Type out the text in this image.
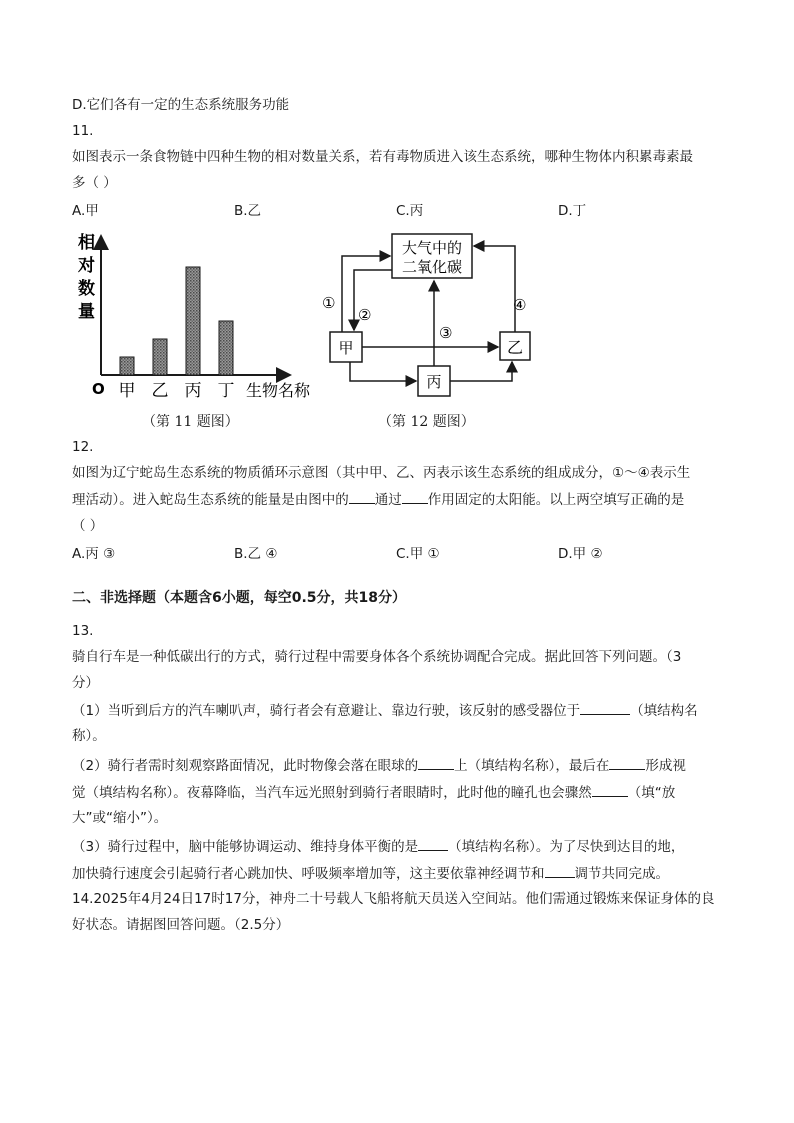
D.它们各有一定的生态系统服务功能
11.
如图表示一条食物链中四种生物的相对数量关系，若有毒物质进入该生态系统，哪种生物体内积累毒素最
多（ ）
A.甲	B.乙	C.丙	D.丁
甲 乙 丙 丁
相
对
数
量
O	生物名称
（第 11 题图）
大气中的
二氧化碳
甲	乙
丙
①
②
③
④
（第 12 题图）
12.
如图为辽宁蛇岛生态系统的物质循环示意图（其中甲、乙、丙表示该生态系统的组成成分，①～④表示生
理活动）。进入蛇岛生态系统的能量是由图中的 通过 作用固定的太阳能。以上两空填写正确的是
（ ）
A.丙 ③	B.乙 ④	C.甲 ①	D.甲 ②
二、非选择题（本题含6小题，每空0.5分，共18分）
13.
骑自行车是一种低碳出行的方式，骑行过程中需要身体各个系统协调配合完成。据此回答下列问题。（3
分）
（1）当听到后方的汽车喇叭声，骑行者会有意避让、靠边行驶，该反射的感受器位于	（填结构名
称）。
（2）骑行者需时刻观察路面情况，此时物像会落在眼球的	上（填结构名称），最后在	形成视
觉（填结构名称）。夜幕降临，当汽车远光照射到骑行者眼睛时，此时他的瞳孔也会骤然	（填“放
大”或“缩小”）。
（3）骑行过程中，脑中能够协调运动、维持身体平衡的是 （填结构名称）。为了尽快到达目的地，
加快骑行速度会引起骑行者心跳加快、呼吸频率增加等，这主要依靠神经调节和 调节共同完成。
14.2025年4月24日17时17分，神舟二十号载人飞船将航天员送入空间站。他们需通过锻炼来保证身体的良
好状态。请据图回答问题。（2.5分）
